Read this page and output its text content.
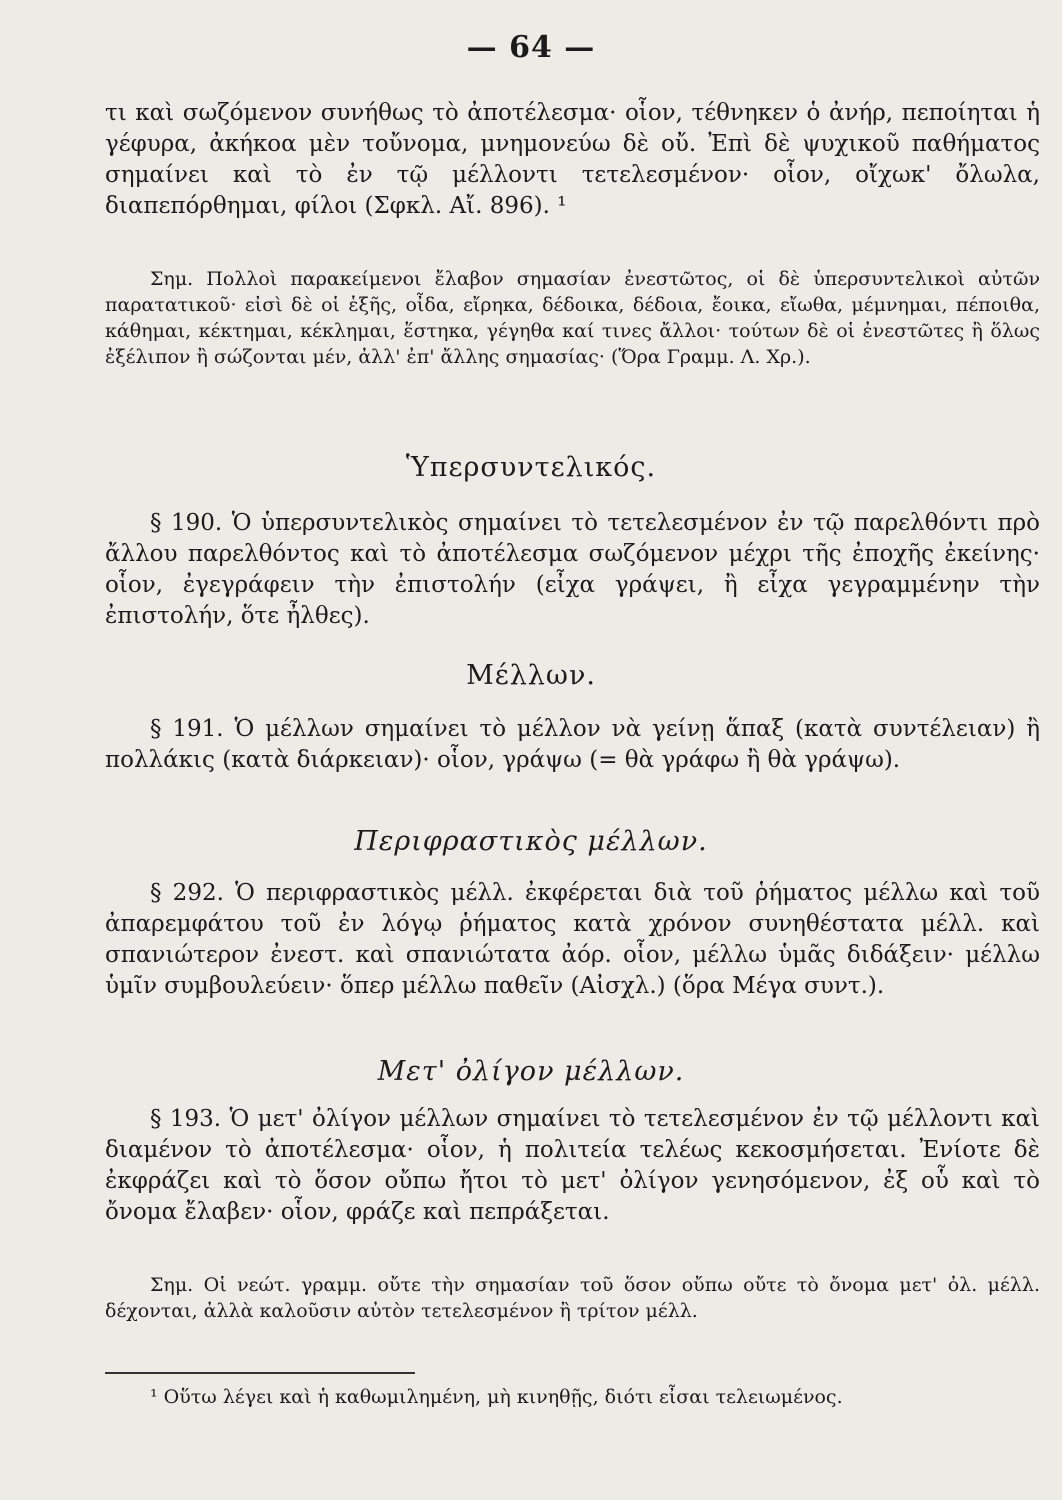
— 64 —

τι καὶ σωζόμενον συνήθως τὸ ἀποτέλεσμα· οἷον, τέθνηκεν ὁ ἀνήρ, πεποίηται ἡ γέφυρα, ἀκήκοα μὲν τοὔνομα, μνημονεύω δὲ οὔ. Ἐπὶ δὲ ψυχικοῦ παθήματος σημαίνει καὶ τὸ ἐν τῷ μέλλοντι τετελεσμένον· οἷον, οἴχωκ' ὄλωλα, διαπεπόρθημαι, φίλοι (Σφκλ. Αἴ. 896). ¹

Σημ. Πολλοὶ παρακείμενοι ἔλαβον σημασίαν ἐνεστῶτος, οἱ δὲ ὑπερσυντελικοὶ αὐτῶν παρατατικοῦ· εἰσὶ δὲ οἱ ἑξῆς, οἶδα, εἴρηκα, δέδοικα, δέδοια, ἔοικα, εἴωθα, μέμνημαι, πέποιθα, κάθημαι, κέκτημαι, κέκλημαι, ἕστηκα, γέγηθα καί τινες ἄλλοι· τούτων δὲ οἱ ἐνεστῶτες ἢ ὅλως ἐξέλιπον ἢ σώζονται μέν, ἀλλ' ἐπ' ἄλλης σημασίας· (Ὅρα Γραμμ. Λ. Χρ.).

Ὑπερσυντελικός.

§ 190. Ὁ ὑπερσυντελικὸς σημαίνει τὸ τετελεσμένον ἐν τῷ παρελθόντι πρὸ ἄλλου παρελθόντος καὶ τὸ ἀποτέλεσμα σωζόμενον μέχρι τῆς ἐποχῆς ἐκείνης· οἷον, ἐγεγράφειν τὴν ἐπιστολήν (εἶχα γράψει, ἢ εἶχα γεγραμμένην τὴν ἐπιστολήν, ὅτε ἦλθες).

Μέλλων.

§ 191. Ὁ μέλλων σημαίνει τὸ μέλλον νὰ γείνῃ ἅπαξ (κατὰ συντέλειαν) ἢ πολλάκις (κατὰ διάρκειαν)· οἷον, γράψω (= θὰ γράφω ἢ θὰ γράψω).

Περιφραστικὸς μέλλων.

§ 292. Ὁ περιφραστικὸς μέλλ. ἐκφέρεται διὰ τοῦ ῥήματος μέλλω καὶ τοῦ ἀπαρεμφάτου τοῦ ἐν λόγῳ ῥήματος κατὰ χρόνον συνηθέστατα μέλλ. καὶ σπανιώτερον ἐνεστ. καὶ σπανιώτατα ἀόρ. οἷον, μέλλω ὑμᾶς διδάξειν· μέλλω ὑμῖν συμβουλεύειν· ὅπερ μέλλω παθεῖν (Αἰσχλ.) (ὅρα Μέγα συντ.).

Μετ' ὀλίγον μέλλων.

§ 193. Ὁ μετ' ὀλίγον μέλλων σημαίνει τὸ τετελεσμένον ἐν τῷ μέλλοντι καὶ διαμένον τὸ ἀποτέλεσμα· οἷον, ἡ πολιτεία τελέως κεκοσμήσεται. Ἐνίοτε δὲ ἐκφράζει καὶ τὸ ὅσον οὔπω ἤτοι τὸ μετ' ὀλίγον γενησόμενον, ἐξ οὗ καὶ τὸ ὄνομα ἔλαβεν· οἷον, φράζε καὶ πεπράξεται.

Σημ. Οἱ νεώτ. γραμμ. οὔτε τὴν σημασίαν τοῦ ὅσον οὔπω οὔτε τὸ ὄνομα μετ' ὀλ. μέλλ. δέχονται, ἀλλὰ καλοῦσιν αὐτὸν τετελεσμένον ἢ τρίτον μέλλ.

¹ Οὕτω λέγει καὶ ἡ καθωμιλημένη, μὴ κινηθῇς, διότι εἶσαι τελειωμένος.
